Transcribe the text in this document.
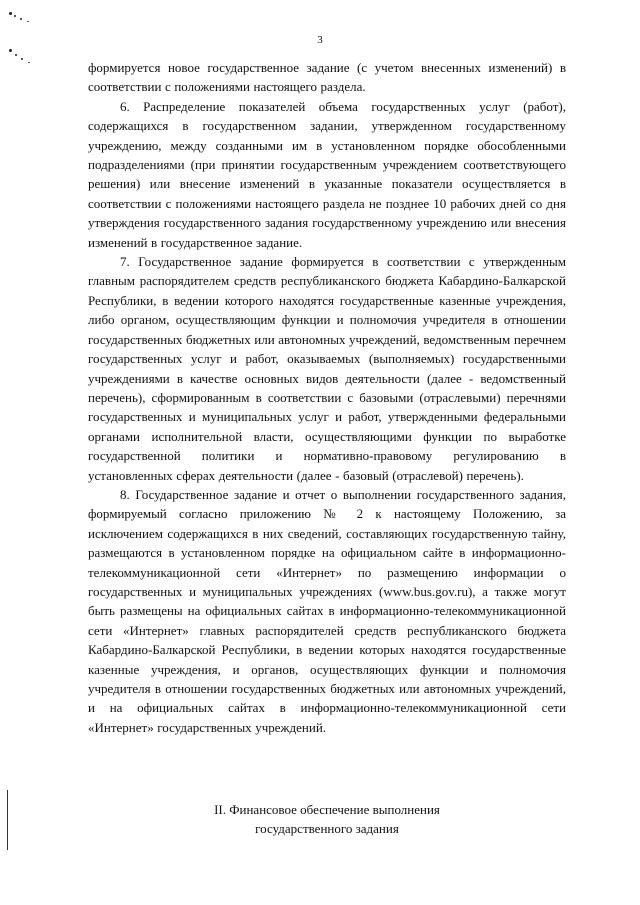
3

формируется новое государственное задание (с учетом внесенных изменений) в соответствии с положениями настоящего раздела.

6. Распределение показателей объема государственных услуг (работ), содержащихся в государственном задании, утвержденном государственному учреждению, между созданными им в установленном порядке обособленными подразделениями (при принятии государственным учреждением соответствующего решения) или внесение изменений в указанные показатели осуществляется в соответствии с положениями настоящего раздела не позднее 10 рабочих дней со дня утверждения государственного задания государственному учреждению или внесения изменений в государственное задание.

7. Государственное задание формируется в соответствии с утвержденным главным распорядителем средств республиканского бюджета Кабардино-Балкарской Республики, в ведении которого находятся государственные казенные учреждения, либо органом, осуществляющим функции и полномочия учредителя в отношении государственных бюджетных или автономных учреждений, ведомственным перечнем государственных услуг и работ, оказываемых (выполняемых) государственными учреждениями в качестве основных видов деятельности (далее - ведомственный перечень), сформированным в соответствии с базовыми (отраслевыми) перечнями государственных и муниципальных услуг и работ, утвержденными федеральными органами исполнительной власти, осуществляющими функции по выработке государственной политики и нормативно-правовому регулированию в установленных сферах деятельности (далее - базовый (отраслевой) перечень).

8. Государственное задание и отчет о выполнении государственного задания, формируемый согласно приложению № 2 к настоящему Положению, за исключением содержащихся в них сведений, составляющих государственную тайну, размещаются в установленном порядке на официальном сайте в информационно-телекоммуникационной сети «Интернет» по размещению информации о государственных и муниципальных учреждениях (www.bus.gov.ru), а также могут быть размещены на официальных сайтах в информационно-телекоммуникационной сети «Интернет» главных распорядителей средств республиканского бюджета Кабардино-Балкарской Республики, в ведении которых находятся государственные казенные учреждения, и органов, осуществляющих функции и полномочия учредителя в отношении государственных бюджетных или автономных учреждений, и на официальных сайтах в информационно-телекоммуникационной сети «Интернет» государственных учреждений.

II. Финансовое обеспечение выполнения
государственного задания
